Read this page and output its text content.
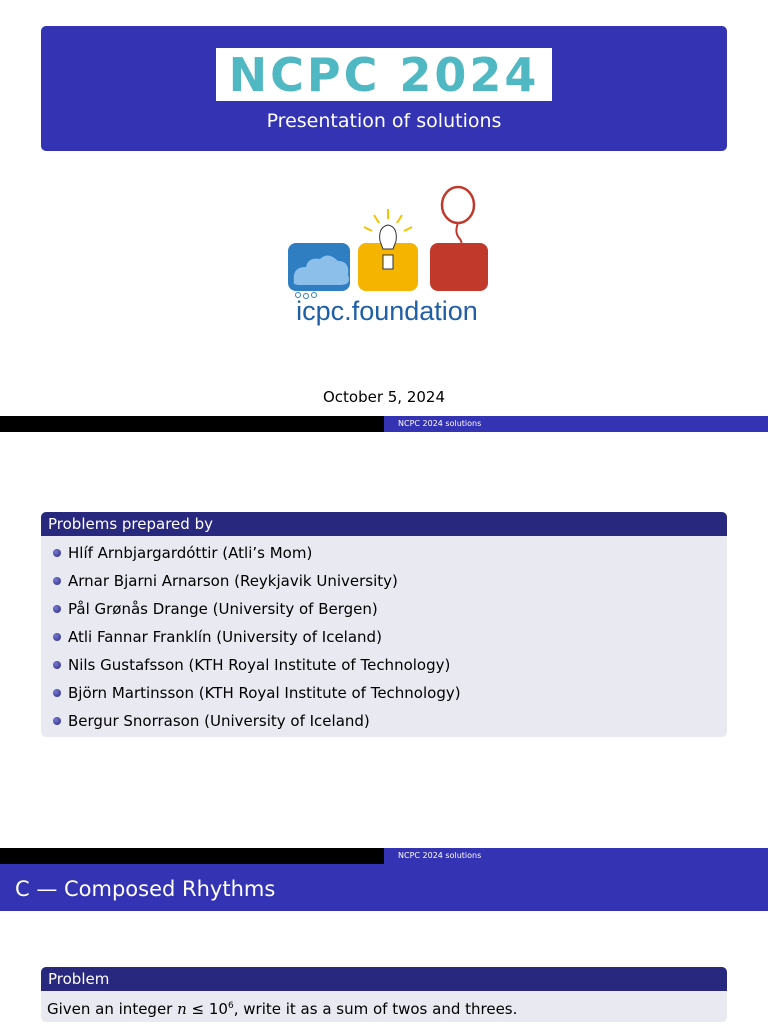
NCPC 2024
Presentation of solutions
icpc.foundation
October 5, 2024
NCPC 2024 solutions
Problems prepared by
Hlíf Arnbjargardóttir (Atli’s Mom)
Arnar Bjarni Arnarson (Reykjavik University)
Pål Grønås Drange (University of Bergen)
Atli Fannar Franklín (University of Iceland)
Nils Gustafsson (KTH Royal Institute of Technology)
Björn Martinsson (KTH Royal Institute of Technology)
Bergur Snorrason (University of Iceland)
NCPC 2024 solutions
C — Composed Rhythms
Problem
Given an integer $n \le 10^6$, write it as a sum of twos and threes.
